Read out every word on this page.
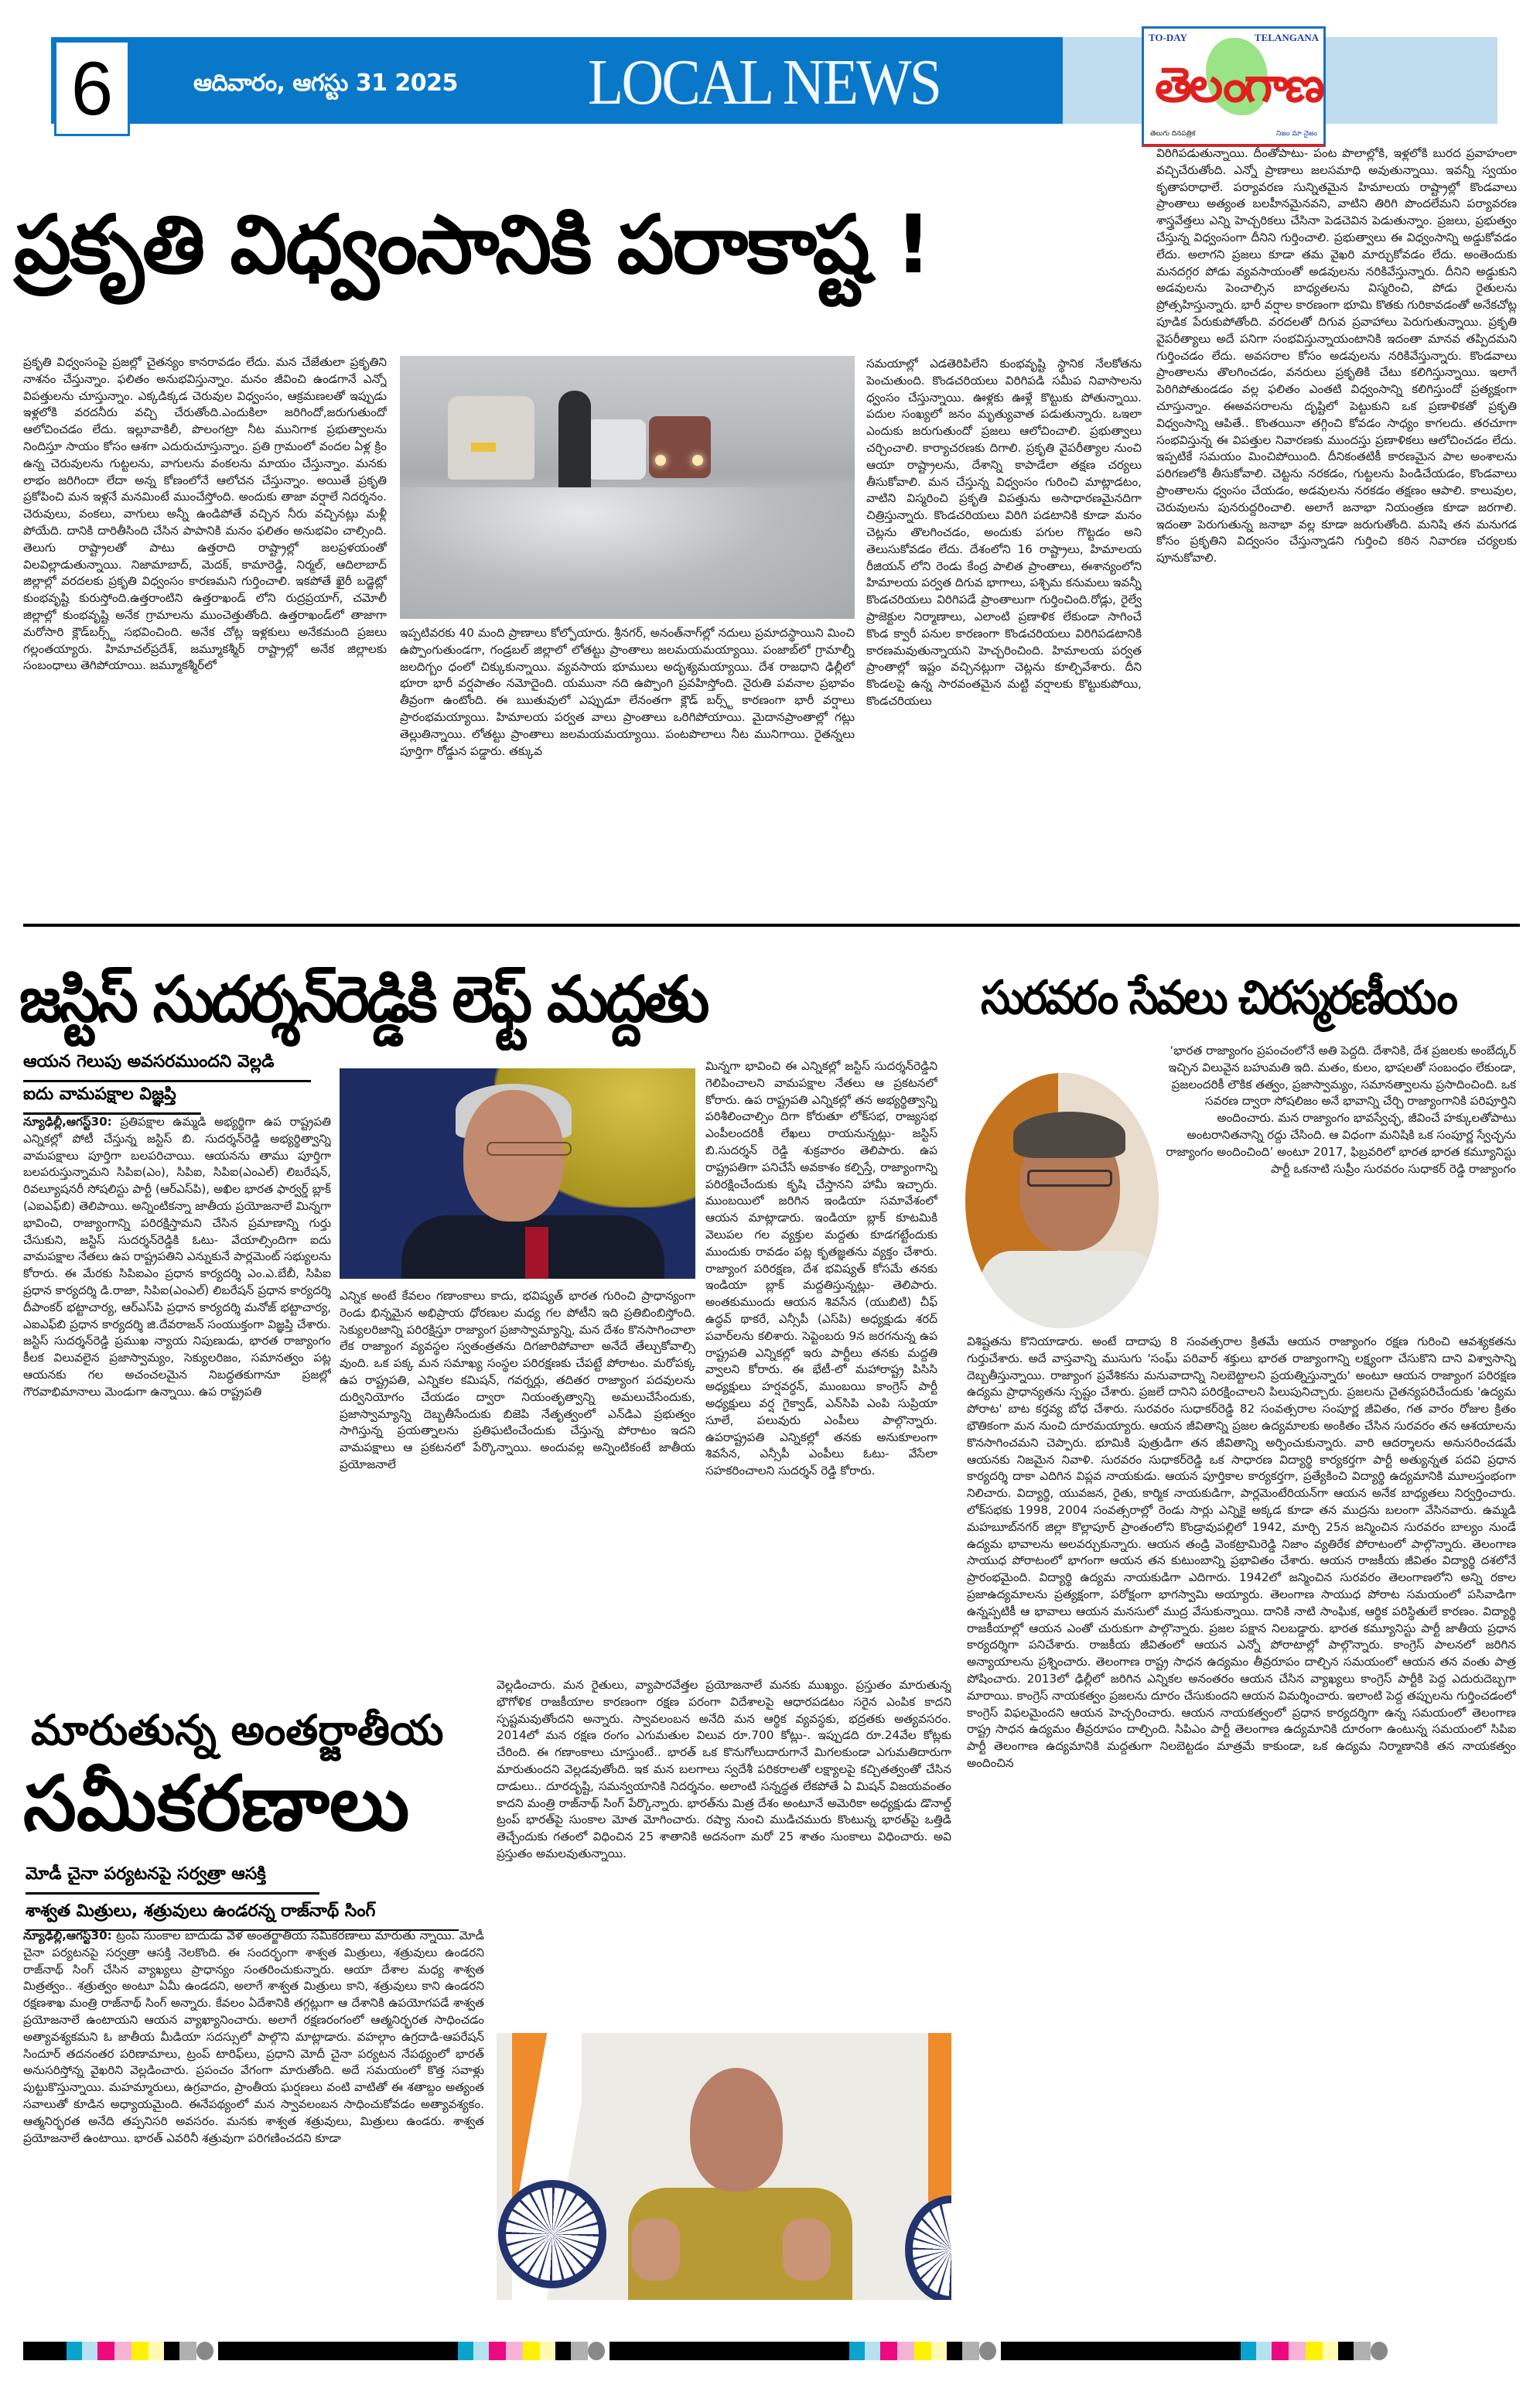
6	ఆదివారం, ఆగస్టు 31 2025 LOCAL NEWS
TO-DAY	TELANGANA
తెలంగాణ
తెలుగు దినపత్రిక	నిజం మా నైజం
ప్రకృతి విధ్వంసానికి పరాకాష్ట !
ప్రకృతి విధ్వంసంపై ప్రజల్లో చైతన్యం కానరావడం లేదు. మన చేజేతులా ప్రకృతిని నాశనం చేస్తున్నాం. ఫలితం అనుభవిస్తున్నాం. మనం జీవించి ఉండగానే ఎన్నో విపత్తులను చూస్తున్నాం. ఎక్కడిక్కడ చెరువుల విధ్వంసం, ఆక్రమణలతో ఇప్పుడు ఇళ్లలోకి వరదనీరు వచ్చి చేరుతోంది.ఎందుకిలా జరిగిందో,జరుగుతుందో ఆలోచించడం లేదు. ఇల్లూవాకిలీ, పొలంగట్రా నీట మునిగాక ప్రభుత్వాలను నిందిస్తూ సాయం కోసం ఆశగా ఎదురుచూస్తున్నాం. ప్రతి గ్రామంలో వందల ఏళ్ల క్రిం ఉన్న చెరువులను గుట్టలను, వాగులను వంకలను మాయం చేస్తున్నాం. మనకు లాభం జరిగిందా లేదా అన్న కోణంలోనే ఆలోచన చేస్తున్నాం. అయితే ప్రకృతి ప్రకోపించి మన ఇళ్లనే మనమింటే ముంచేస్తోంది. అందుకు తాజా వర్షాలే నిదర్శనం. చెరువులు, వంకలు, వాగులు అన్నీ ఉండిపోతే వచ్చిన నీరు వచ్చినట్లు మళ్లీ పోయేది. దానికి దారితీసింది చేసిన పాపానికి మనం ఫలితం అనుభవిం చాల్సింది. తెలుగు రాష్ట్రాలతో పాటు ఉత్తరాది రాష్ట్రాల్లో జలప్రళయంతో విలవిల్లాడుతున్నాయి. నిజామాబాద్, మెదక్, కామారెడ్డి, నిర్మల్, ఆదిలాబాద్ జిల్లాల్లో వరదలకు ప్రకృతి విధ్వంసం కారణమని గుర్తించాలి. ఇకపోతే ఖైరీ బడ్జెట్లో కుంభవృష్టి కురుస్తోంది.ఉత్తరాంటిని ఉత్తరాఖండ్ లోని రుద్రప్రయాగ్, చమోలీ జిల్లాల్లో కుంభవృష్టి అనేక గ్రామాలను ముంచెత్తుతోంది. ఉత్తరాఖండ్‌లో తాజాగా మరోసారి క్లౌడ్‌బర్స్ట్ సభవించింది. అనేక చోట్ల ఇళ్లకులు అనేకమంది ప్రజలు గల్లంతయ్యారు. హిమాచల్‌ప్రదేశ్, జమ్మూకశ్మీర్ రాష్ట్రాల్లో అనేక జిల్లాలకు సంబంధాలు తెగిపోయాయి. జమ్మూకశ్మీర్‌లో
ఇప్పటివరకు 40 మంది ప్రాణాలు కోల్పోయారు. శ్రీనగర్, అనంత్‌నాగ్‌ల్లో నదులు ప్రమాదస్థాయిని మించి ఉప్పొంగుతుండగా, గండ్రబల్ జిల్లాలో లోతట్టు ప్రాంతాలు జలమయమయ్యాయి. పంజాబ్‌లో గ్రామాల్నీ జలదిగ్బం ధంలో చిక్కుకున్నాయి. వ్యవసాయ భూములు అదృశ్యమయ్యాయి. దేశ రాజధాని ఢిల్లీలో భూరా భారీ వర్షపాతం నమోదైంది. యమునా నది ఉప్పొంగి ప్రవహిస్తోంది. నైరుతి పవనాల ప్రభావం తీవ్రంగా ఉంటోంది. ఈ ఋతువులో ఎప్పుడూ లేనంతగా క్లౌడ్ బర్స్ట్ కారణంగా భారీ వర్షాలు ప్రారంభమయ్యాయి. హిమాలయ పర్వత వాలు ప్రాంతాలు ఒరిగిపోయాయి. మైదానప్రాంతాల్లో గట్లు తెల్లుతిన్నాయి. లోతట్టు ప్రాంతాలు జలమయమయ్యాయి. పంటపొలాలు నీట మునిగాయి. రైతన్నలు పూర్తిగా రోడ్డున పడ్డారు. తక్కువ
సమయాల్లో ఎడతెరిపిలేని కుంభవృష్టి స్థానిక నేలకోతను పెంచుతుంది. కొండచరియలు విరిగిపడి సమీప నివాసాలను ధ్వంసం చేస్తున్నాయి. ఊళ్లకు ఊళ్లే కొట్టుకు పోతున్నాయి. పదుల సంఖ్యలో జనం మృత్యువాత పడుతున్నారు. ఒఇలా ఎందుకు జరుగుతుందో ప్రజలు ఆలోచించాలి. ప్రభుత్వాలు చర్చించాలి. కార్యాచరణకు దిగాలి. ప్రకృతి వైపరీత్యాల నుంచి ఆయా రాష్ట్రాలను, దేశాన్ని కాపాడేలా తక్షణ చర్యలు తీసుకోవాలి. మన చేస్తున్న విధ్వంసం గురించి మాట్లాడటం, వాటిని విస్మరించి ప్రకృతి విపత్తును అసాధారణమైనదిగా చిత్రిస్తున్నారు. కొండచరియలు విరిగి పడటానికి కూడా మనం చెట్లను తొలగించడం, అందుకు పగుల గొట్టడం అని తెలుసుకోవడం లేదు. దేశంలోని 16 రాష్ట్రాలు, హిమాలయ రీజియన్ లోని రెండు కేంద్ర పాలిత ప్రాంతాలు, ఈశాన్యంలోని హిమాలయ పర్వత దిగువ భాగాలు, పశ్చిమ కనుమలు ఇవన్నీ కొండచరియలు విరిగిపడే ప్రాంతాలుగా గుర్తించింది.రోడ్లు, రైల్వే ప్రాజెక్టుల నిర్మాణాలు, ఎలాంటి ప్రణాళిక లేకుండా సాగించే కొండ క్వారీ పనుల కారణంగా కొండచరియలు విరిగిపడటానికి కారణమవుతున్నాయని హెచ్చరించింది. హిమాలయ పర్వత ప్రాంతాల్లో ఇష్టం వచ్చినట్లుగా చెట్లను కూల్చివేశారు. దీని కొండలపై ఉన్న సారవంతమైన మట్టి వర్షాలకు కొట్టుకుపోయి, కొండచరియలు
విరిగిపడుతున్నాయి. దీంతోపాటు- పంట పొలాల్లోకి, ఇళ్లలోకి బురద ప్రవాహంలా వచ్చిచేరుతోంది. ఎన్నో ప్రాణాలు జలసమాధి అవుతున్నాయి. ఇవన్నీ స్వయం కృతాపరాధాలే. పర్యావరణ సున్నితమైన హిమాలయ రాష్ట్రాల్లో కొండవాలు ప్రాంతాలు అత్యంత బలహీనమైనవని, వాటిని తిరిగి పొందలేమని పర్యావరణ శాస్త్రవేత్తలు ఎన్ని హెచ్చరికలు చేసినా పెడచెవిన పెడుతున్నాం. ప్రజలు, ప్రభుత్వం చేస్తున్న విధ్వంసంగా దీనిని గుర్తించాలి. ప్రభుత్వాలు ఈ విధ్వంసాన్ని అడ్డుకోవడం లేదు. అలాగని ప్రజలు కూడా తమ వైఖరి మార్చుకోవడం లేదు. అంతెందుకు మనదగ్గర పోడు వ్యవసాయంతో అడవులను నరికివేస్తున్నారు. దీనిని అడ్డుకుని అడవులను పెంచాల్సిన బాధ్యతలను విస్మరించి, పోడు రైతులను ప్రోత్సహిస్తున్నారు. భారీ వర్షాల కారణంగా భూమి కొతకు గురికావడంతో అనేకచోట్ల పూడిక పేరుకుపోతోంది. వరదలతో దిగువ ప్రవాహాలు పెరుగుతున్నాయి. ప్రకృతి వైపరీత్యాలు అదే పనిగా సంభవిస్తున్నాయంటానికి ఇదంతా మానవ తప్పిదమని గుర్తించడం లేదు. అవసరాల కోసం అడవులను నరికివేస్తున్నారు. కొండవాలు ప్రాంతాలను తొలగించడం, వనరులు ప్రకృతికి చేటు కలిగిస్తున్నాయి. ఇలాగే పెరిగిపోతుండడం వల్ల ఫలితం ఎంతటి విధ్వంసాన్ని కలిగిస్తుందో ప్రత్యక్షంగా చూస్తున్నాం. ఈఅవసరాలను దృష్టిలో పెట్టుకుని ఒక ప్రణాళికతో ప్రకృతి విధ్వంసాన్ని ఆపితే.. కొంతయినా తగ్గించి కోవడం సాధ్యం కాగలదు. తరచూగా సంభవిస్తున్న ఈ విపత్తుల నివారణకు ముందస్తు ప్రణాళికలు ఆలోచించడం లేదు. ఇప్పటికే సమయం మించిపోయింది. దీనికంతటికీ కారణమైన పాల అంశాలను పరిగణలోకి తీసుకోవాలి. చెట్టను నరకడం, గుట్టలను పిండిచేయడం, కొండవాలు ప్రాంతాలను ధ్వంసం చేయడం, అడవులను నరకడం తక్షణం ఆపాలి. కాలువుల, చెరువులను పునరుద్దరించాలి. అలాగే జనాభా నియంత్రణ కూడా జరగాలి. ఇదంతా పెరుగుతున్న జనాభా వల్ల కూడా జరుగుతోంది. మనిషి తన మనుగడ కోసం ప్రకృతిని విద్వంసం చేస్తున్నాడని గుర్తించి కఠిన నివారణ చర్యలకు పూనుకోవాలి.
జస్టిస్ సుదర్శన్‌రెడ్డికి లెఫ్ట్ మద్దతు
ఆయన గెలుపు అవసరముందని వెల్లడి
ఐదు వామపక్షాల విజ్ఞప్తి
న్యూఢిల్లీ,ఆగస్ట్30: ప్రతిపక్షాల ఉమ్మడి అభ్యర్థిగా ఉప రాష్ట్రపతి ఎన్నికల్లో పోటీ చేస్తున్న జస్టిస్ బి. సుదర్శన్‌రెడ్డి అభ్యర్థిత్వాన్ని వామపక్షాలు పూర్తిగా బలపరిచాయి. ఆయనను తాము పూర్తిగా బలపరుస్తున్నామని సిపిఐ(ఎం), సిపిఐ, సిపిఐ(ఎంఎల్) లిబరేషన్, రివల్యూషనరీ సోషలిస్టు పార్టీ (ఆర్‌ఎస్‌పి), అఖిల భారత ఫార్వర్డ్ బ్లాక్ (ఎఐఎఫ్‌బి) తెలిపాయి. అన్నింటికన్నా జాతీయ ప్రయోజనాలే మిన్నగా భావించి, రాజ్యాంగాన్ని పరిరక్షిస్తామని చేసిన ప్రమాణాన్ని గుర్తు చేసుకుని, జస్టిస్ సుదర్శన్‌రెడ్డికి ఓటు- వేయాల్సిందిగా ఐదు వామపక్షాల నేతలు ఉప రాష్ట్రపతిని ఎన్నుకునే పార్లమెంట్ సభ్యులను కోరారు. ఈ మేరకు సిపిఐఎం ప్రధాన కార్యదర్శి ఎం.ఎ.బేబీ, సిపిఐ ప్రధాన కార్యదర్శి డి.రాజా, సిపిఐ(ఎంఎల్) లిబరేషన్ ప్రధాన కార్యదర్శి దీపాంకర్ భట్టాచార్య, ఆర్‌ఎస్‌పి ప్రధాన కార్యదర్శి మనోజ్ భట్టాచార్య, ఎఐఎఫ్‌బి ప్రధాన కార్యదర్శి జి.దేవరాజన్ సంయుక్తంగా విజ్ఞప్తి చేశారు. జస్టిస్ సుదర్శన్‌రెడ్డి ప్రముఖ న్యాయ నిపుణుడు, భారత రాజ్యాంగం కీలక విలువలైన ప్రజాస్వామ్యం, సెక్యులరిజం, సమానత్వం పట్ల ఆయనకు గల అచంచలమైన నిబద్ధతకుగానూ ప్రజల్లో గౌరవాభిమానాలు మెండుగా ఉన్నాయి. ఉప రాష్ట్రపతి
ఎన్నిక అంటే కేవలం గణాంకాలు కాదు, భవిష్యత్ భారత గురించి ప్రాధాన్యంగా రెండు భిన్నమైన అభిప్రాయ ధోరణుల మధ్య గల పోటీని ఇది ప్రతిబింబిస్తోంది. సెక్యులరిజాన్ని పరిరక్షిస్తూ రాజ్యాంగ ప్రజాస్వామ్యాన్ని, మన దేశం కొనసాగించాలా లేక రాజ్యాంగ వ్యవస్థల స్వతంత్రతను దిగజారిపోవాలా అనేదే తేల్చుకోవాల్సి వుంది. ఒక పక్క మన సమాఖ్య సంస్థల పరిరక్షణకు చేపట్టే పోరాటం. మరోపక్క ఉప రాష్ట్రపతి, ఎన్నికల కమిషన్, గవర్నర్లు, తదితర రాజ్యాంగ పదవులను దుర్వినియోగం చేయడం ద్వారా నియంతృత్వాన్ని అమలుచేసేందుకు, ప్రజాస్వామ్యాన్ని దెబ్బతీసేందుకు బిజెపి నేతృత్వంలో ఎన్‌డిఎ ప్రభుత్వం సాగిస్తున్న ప్రయత్నాలను ప్రతిఘటించేందుకు చేస్తున్న పోరాటం ఇదని వామపక్షాలు ఆ ప్రకటనలో పేర్కొన్నాయి. అందువల్ల అన్నింటికంటే జాతీయ ప్రయోజనాలే
మిన్నగా భావించి ఈ ఎన్నికల్లో జస్టిస్ సుదర్శన్‌రెడ్డిని గెలిపించాలని వామపక్షాల నేతలు ఆ ప్రకటనలో కోరారు. ఉప రాష్ట్రపతి ఎన్నికల్లో తన అభ్యర్థిత్వాన్ని పరిశీలించాల్సిం దిగా కోరుతూ లోక్‌సభ, రాజ్యసభ ఎంపీలందరికీ లేఖలు రాయనున్నట్లు- జస్టిస్ బి.సుదర్శన్ రెడ్డి శుక్రవారం తెలిపారు. ఉప రాష్ట్రపతిగా పనిచేసే అవకాశం కల్పిస్తే, రాజ్యాంగాన్ని పరిరక్షించేందుకు కృషి చేస్తానని హామీ ఇచ్చారు. ముంబయిలో జరిగిన ఇండియా సమావేశంలో ఆయన మాట్లాడారు. ఇండియా బ్లాక్ కూటమికి వెలుపల గల వ్యక్తుల మద్దతు కూడగట్టేందుకు ముందుకు రావడం పట్ల కృతజ్ఞతను వ్యక్తం చేశారు. రాజ్యాంగ పరిరక్షణ, దేశ భవిష్యత్ కోసమే తనకు ఇండియా బ్లాక్ మద్దతిస్తున్నట్లు- తెలిపారు. అంతకుముందు ఆయన శివసేన (యుబిటి) చీఫ్ ఉద్ధవ్ థాకరే, ఎన్సీపీ (ఎస్‌పి) అధ్యక్షుడు శరద్ పవార్‌లను కలిశారు. సెప్టెంబరు 9న జరగనున్న ఉప రాష్ట్రపతి ఎన్నికల్లో ఇరు పార్టీలు తనకు మద్దతి వ్వాలని కోరారు. ఈ భేటీ-లో మహారాష్ట్ర పిసిసి అధ్యక్షులు హర్షవర్ధన్, ముంబయి కాంగ్రెస్ పార్టీ అధ్యక్షులు వర్ష గైక్వాడ్, ఎన్‌సిపి ఎంపి సుప్రియా సూలే, పలువురు ఎంపీలు పాల్గొన్నారు. ఉపరాష్ట్రపతి ఎన్నికల్లో తనకు అనుకూలంగా శివసేన, ఎన్సీపీ ఎంపీలు ఓటు- వేసేలా సహకరించాలని సుదర్శన్ రెడ్డి కోరారు.
సురవరం సేవలు చిరస్మరణీయం
‘భారత రాజ్యాంగం ప్రపంచంలోనే అతి పెద్దది. దేశానికి, దేశ ప్రజలకు అంబేద్కర్ ఇచ్చిన విలువైన బహుమతి ఇది. మతం, కులం, భాషలతో సంబంధం లేకుండా, ప్రజలందరికీ లౌకిక తత్వం, ప్రజాస్వామ్యం, సమానత్వాలను ప్రసాదించింది. ఒక సవరణ ద్వారా సోషలిజం అనే భావాన్ని చేర్చి రాజ్యాంగానికి పరిపూర్తిని అందించారు. మన రాజ్యాంగం భావస్వేచ్ఛ, జీవించే హక్కులతోపాటు అంటరానితనాన్ని రద్దు చేసింది. ఆ విధంగా మనిషికి ఒక సంపూర్ణ స్వేచ్ఛను రాజ్యాంగం అందించింది’ అంటూ 2017, ఫిబ్రవరిలో భారత భారత కమ్యూనిస్టు పార్టీ ఒకనాటి సుప్రీం సురవరం సుధాకర్ రెడ్డి రాజ్యాంగం
విశిష్టతను కొనియాడారు. అంటే దాదాపు 8 సంవత్సరాల క్రితమే ఆయన రాజ్యాంగం రక్షణ గురించి ఆవశ్యకతను గుర్తుచేశారు. అదే వాస్తవాన్ని ముసుగు 'సంఘ్ పరివార్ శక్తులు భారత రాజ్యాంగాన్ని లక్ష్యంగా చేసుకొని దాని విశ్వాసాన్ని దెబ్బతీస్తున్నాయి. రాజ్యాంగ ప్రవేశికను మనువాదాన్ని నిలబెట్టాలని ప్రయత్నిస్తున్నారు' అంటూ ఆయన రాజ్యాంగ పరిరక్షణ ఉద్యమ ప్రాధాన్యతను స్పష్టం చేశారు. ప్రజలే దానిని పరిరక్షించాలని పిలుపునిచ్చారు. ప్రజలను చైతన్యపరిచేందుకు 'ఉద్యమ పోరాట' బాట కర్తవ్య బోధ చేశారు. సురవరం సుధాకర్‌రెడ్డి 82 సంవత్సరాల సంపూర్ణ జీవితం, గత వారం రోజుల క్రితం భౌతికంగా మన నుంచి దూరమయ్యారు. ఆయన జీవితాన్ని ప్రజల ఉద్యమాలకు అంకితం చేసిన సురవరం తన ఆశయాలను కొనసాగించమని చెప్పారు. భూమికి పుత్రుడిగా తన జీవితాన్ని అర్పించుకున్నారు. వారి ఆదర్శాలను అనుసరించడమే ఆయనకు నిజమైన నివాళి. సురవరం సుధాకర్‌రెడ్డి ఒక సాధారణ విద్యార్థి కార్యకర్తగా పార్టీ అత్యున్నత పదవి ప్రధాన కార్యదర్శి దాకా ఎదిగిన విప్లవ నాయకుడు. ఆయన పూర్తికాల కార్యకర్తగా, ప్రత్యేకించి విద్యార్థి ఉద్యమానికి మూలస్తంభంగా నిలిచారు. విద్యార్థి, యువజన, రైతు, కార్మిక నాయకుడిగా, పార్లమెంటేరియన్‌గా ఆయన అనేక బాధ్యతలు నిర్వర్తించారు. లోక్‌సభకు 1998, 2004 సంవత్సరాల్లో రెండు సార్లు ఎన్నికై అక్కడ కూడా తన ముద్రను బలంగా వేసినవారు. ఉమ్మడి మహబూబ్‌నగర్ జిల్లా కొల్లాపూర్ ప్రాంతంలోని కొండ్రావుపల్లిలో 1942, మార్చి 25న జన్మించిన సురవరం బాల్యం నుండే ఉద్యమ భావాలను అలవర్చుకున్నారు. ఆయన తండ్రి వెంకట్రామిరెడ్డి నిజాం వ్యతిరేక పోరాటంలో పాల్గొన్నారు. తెలంగాణ సాయుధ పోరాటంలో భాగంగా ఆయన తన కుటుంబాన్ని ప్రభావితం చేశారు. ఆయన రాజకీయ జీవితం విద్యార్థి దశలోనే ప్రారంభమైంది. విద్యార్థి ఉద్యమ నాయకుడిగా ఎదిగారు. 1942లో జన్మించిన సురవరం తెలంగాణలోని అన్ని రకాల ప్రజాఉద్యమాలను ప్రత్యక్షంగా, పరోక్షంగా భాగస్వామి అయ్యారు. తెలంగాణ సాయుధ పోరాట సమయంలో పసివాడిగా ఉన్నప్పటికీ ఆ భావాలు ఆయన మనసులో ముద్ర వేసుకున్నాయి. దానికి నాటి సాంఘిక, ఆర్థిక పరిస్థితులే కారణం. విద్యార్థి రాజకీయాల్లో ఆయన ఎంతో చురుకుగా పాల్గొన్నారు. ప్రజల పక్షాన నిలబడ్డారు. భారత కమ్యూనిస్టు పార్టీ జాతీయ ప్రధాన కార్యదర్శిగా పనిచేశారు. రాజకీయ జీవితంలో ఆయన ఎన్నో పోరాటాల్లో పాల్గొన్నారు. కాంగ్రెస్ పాలనలో జరిగిన అన్యాయాలను ప్రశ్నించారు. తెలంగాణ రాష్ట్ర సాధన ఉద్యమం తీవ్రరూపం దాల్చిన సమయంలో ఆయన తన వంతు పాత్ర పోషించారు. 2013లో ఢిల్లీలో జరిగిన ఎన్నికల అనంతరం ఆయన చేసిన వ్యాఖ్యలు కాంగ్రెస్ పార్టీకి పెద్ద ఎదురుదెబ్బగా మారాయి. కాంగ్రెస్ నాయకత్వం ప్రజలను దూరం చేసుకుందని ఆయన విమర్శించారు. ఇలాంటి పెద్ద తప్పులను గుర్తించడంలో కాంగ్రెస్ విఫలమైందని ఆయన హెచ్చరించారు. ఆయన నాయకత్వంలో ప్రధాన కార్యదర్శిగా ఉన్న సమయంలో తెలంగాణ రాష్ట్ర సాధన ఉద్యమం తీవ్రరూపం దాల్చింది. సిపిఎం పార్టీ తెలంగాణ ఉద్యమానికి దూరంగా ఉంటున్న సమయంలో సిపిఐ పార్టీ తెలంగాణ ఉద్యమానికి మద్దతుగా నిలబెట్టడం మాత్రమే కాకుండా, ఒక ఉద్యమ నిర్మాణానికి తన నాయకత్వం అందించిన
మారుతున్న అంతర్జాతీయ
సమీకరణాలు
మోడీ చైనా పర్యటనపై సర్వత్రా ఆసక్తి
శాశ్వత మిత్రులు, శత్రువులు ఉండరన్న రాజ్‌నాథ్ సింగ్
న్యూఢిల్లీ,ఆగస్ట్30: ట్రంప్ సుంకాల బాదుడు వేళ అంతర్జాతీయ సమీకరణాలు మారుతు న్నాయి. మోడీ చైనా పర్యటనపై సర్వత్రా ఆసక్తి నెలకొంది. ఈ సందర్భంగా శాశ్వత మిత్రులు, శత్రువులు ఉండరని రాజ్‌నాథ్ సింగ్ చేసిన వ్యాఖ్యలు ప్రాధాన్యం సంతరించుకున్నారు. ఆయా దేశాల మధ్య శాశ్వత మిత్రత్వం.. శత్రుత్వం అంటూ ఏమీ ఉండదని, అలాగే శాశ్వత మిత్రులు కాని, శత్రువులు కాని ఉండరని రక్షణశాఖ మంత్రి రాజ్‌నాథ్ సింగ్ అన్నారు. కేవలం ఏదేశానికి తగ్గట్లుగా ఆ దేశానికి ఉపయోగపడే శాశ్వత ప్రయోజనాలే ఉంటాయని ఆయన వ్యాఖ్యానించారు. అలాగే రక్షణరంగంలో ఆత్మనిర్భరత సాధించడం అత్యావశ్యకమని ఓ జాతీయ మీడియా సదస్సులో పాల్గొని మాట్లాడారు. వహల్గాం ఉగ్రదాడి-ఆపరేషన్ సిందూర్ తదనంతర పరిణామాలు, ట్రంప్ టారిఫ్‌లు, ప్రధాని మోదీ చైనా పర్యటన నేపథ్యంలో భారత్ అనుసరిస్తోన్న వైఖరిని వెల్లడించారు. ప్రపంచం వేగంగా మారుతోంది. అదే సమయంలో కొత్త సవాళ్లు పుట్టుకొస్తున్నాయి. మహమ్మారులు, ఉగ్రవాదం, ప్రాంతీయ ఘర్షణలు వంటి వాటితో ఈ శతాబ్దం అత్యంత సవాలుతో కూడిన అధ్యాయమైంది. ఈనేపథ్యంలో మన స్వావలంబన సాధించుకోవడం అత్యావశ్యకం. ఆత్మనిర్భరత అనేది తప్పనిసరి అవసరం. మనకు శాశ్వత శత్రువులు, మిత్రులు ఉండరు. శాశ్వత ప్రయోజనాలే ఉంటాయి. భారత్ ఎవరినీ శత్రువుగా పరిగణించదని కూడా
వెల్లడించారు. మన రైతులు, వ్యాపారవేత్తల ప్రయోజనాలే మనకు ముఖ్యం. ప్రస్తుతం మారుతున్న భౌగోళిక రాజకీయాల కారణంగా రక్షణ పరంగా విదేశాలపై ఆధారపడటం సరైన ఎంపిక కాదని స్పష్టమవుతోందని అన్నారు. స్వావలంబన అనేది మన ఆర్థిక వ్యవస్థకు, భద్రతకు అత్యవసరం. 2014లో మన రక్షణ రంగం ఎగుమతుల విలువ రూ.700 కోట్లు-. ఇప్పుడది రూ.24వేల కోట్లకు చేరింది. ఈ గణాంకాలు చూస్తుంటే.. భారత్ ఒక కొనుగోలుదారుగానే మిగలకుండా ఎగుమతిదారుగా మారుతుందని వెల్లడవుతోంది. ఇక మన బలగాలు స్వదేశీ పరికరాలతో లక్ష్యాలపై కచ్చితత్వంతో చేసిన దాడులు.. దూరదృష్టి, సమన్వయానికి నిదర్శనం. అలాంటి సన్నద్ధత లేకపోతే ఏ మిషన్ విజయవంతం కాదని మంత్రి రాజ్‌నాథ్ సింగ్ పేర్కొన్నారు. భారత్‌ను మిత్ర దేశం అంటూనే అమెరికా అధ్యక్షుడు డొనాల్డ్ ట్రంప్ భారత్‌పై సుంకాల మోత మోగించారు. రష్యా నుంచి ముడిచమురు కొంటున్న భారత్‌పై ఒత్తిడి తెచ్చేందుకు గతంలో విధించిన 25 శాతానికి అదనంగా మరో 25 శాతం సుంకాలు విధించారు. అవి ప్రస్తుతం అమలవుతున్నాయి.
